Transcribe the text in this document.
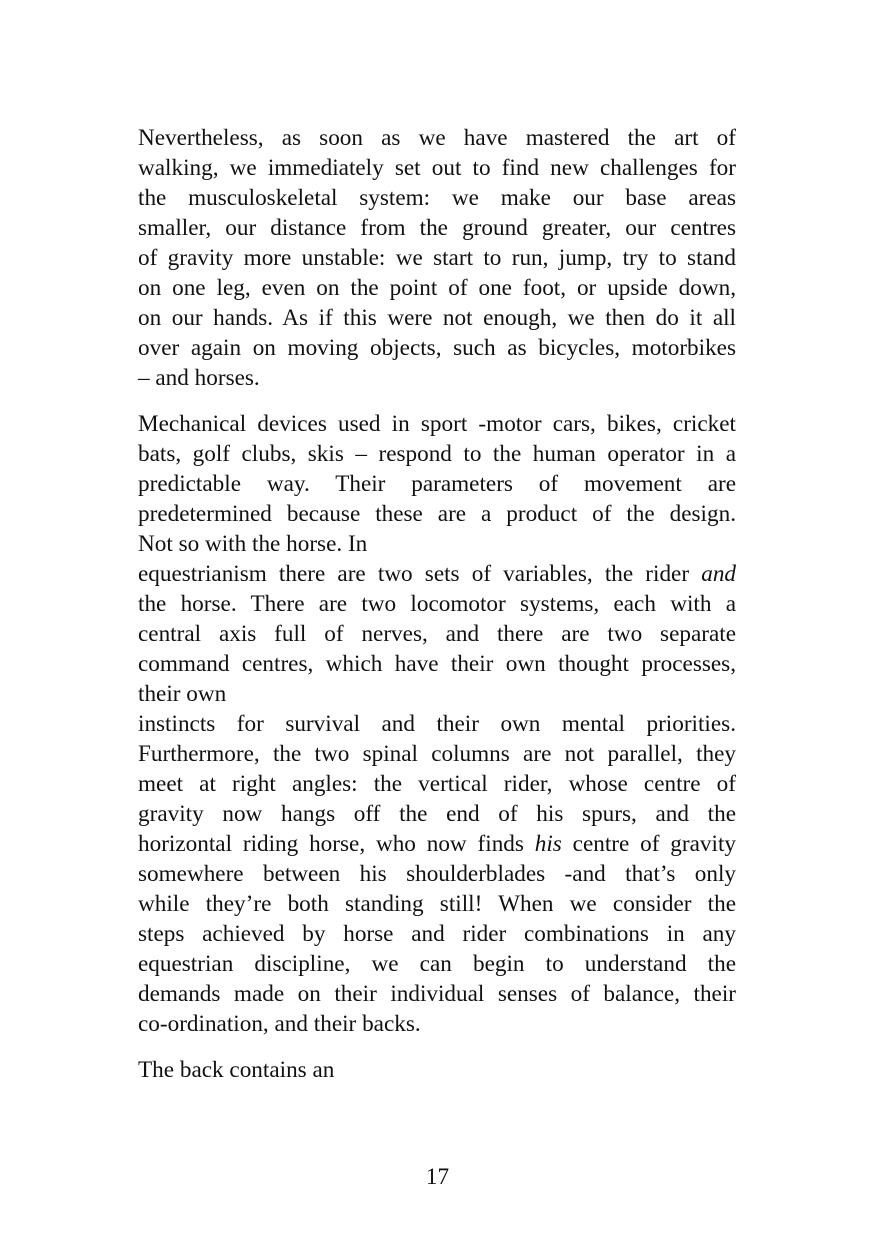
Nevertheless, as soon as we have mastered the art of
walking, we immediately set out to find new challenges for
the musculoskeletal system: we make our base areas
smaller, our distance from the ground greater, our centres
of gravity more unstable: we start to run, jump, try to stand
on one leg, even on the point of one foot, or upside down,
on our hands. As if this were not enough, we then do it all
over again on moving objects, such as bicycles, motorbikes
– and horses.
Mechanical devices used in sport -motor cars, bikes, cricket
bats, golf clubs, skis – respond to the human operator in a
predictable way. Their parameters of movement are
predetermined because these are a product of the design.
Not so with the horse. In
equestrianism there are two sets of variables, the rider and
the horse. There are two locomotor systems, each with a
central axis full of nerves, and there are two separate
command centres, which have their own thought processes,
their own
instincts for survival and their own mental priorities.
Furthermore, the two spinal columns are not parallel, they
meet at right angles: the vertical rider, whose centre of
gravity now hangs off the end of his spurs, and the
horizontal riding horse, who now finds his centre of gravity
somewhere between his shoulderblades -and that’s only
while they’re both standing still! When we consider the
steps achieved by horse and rider combinations in any
equestrian discipline, we can begin to understand the
demands made on their individual senses of balance, their
co-ordination, and their backs.
The back contains an
17
